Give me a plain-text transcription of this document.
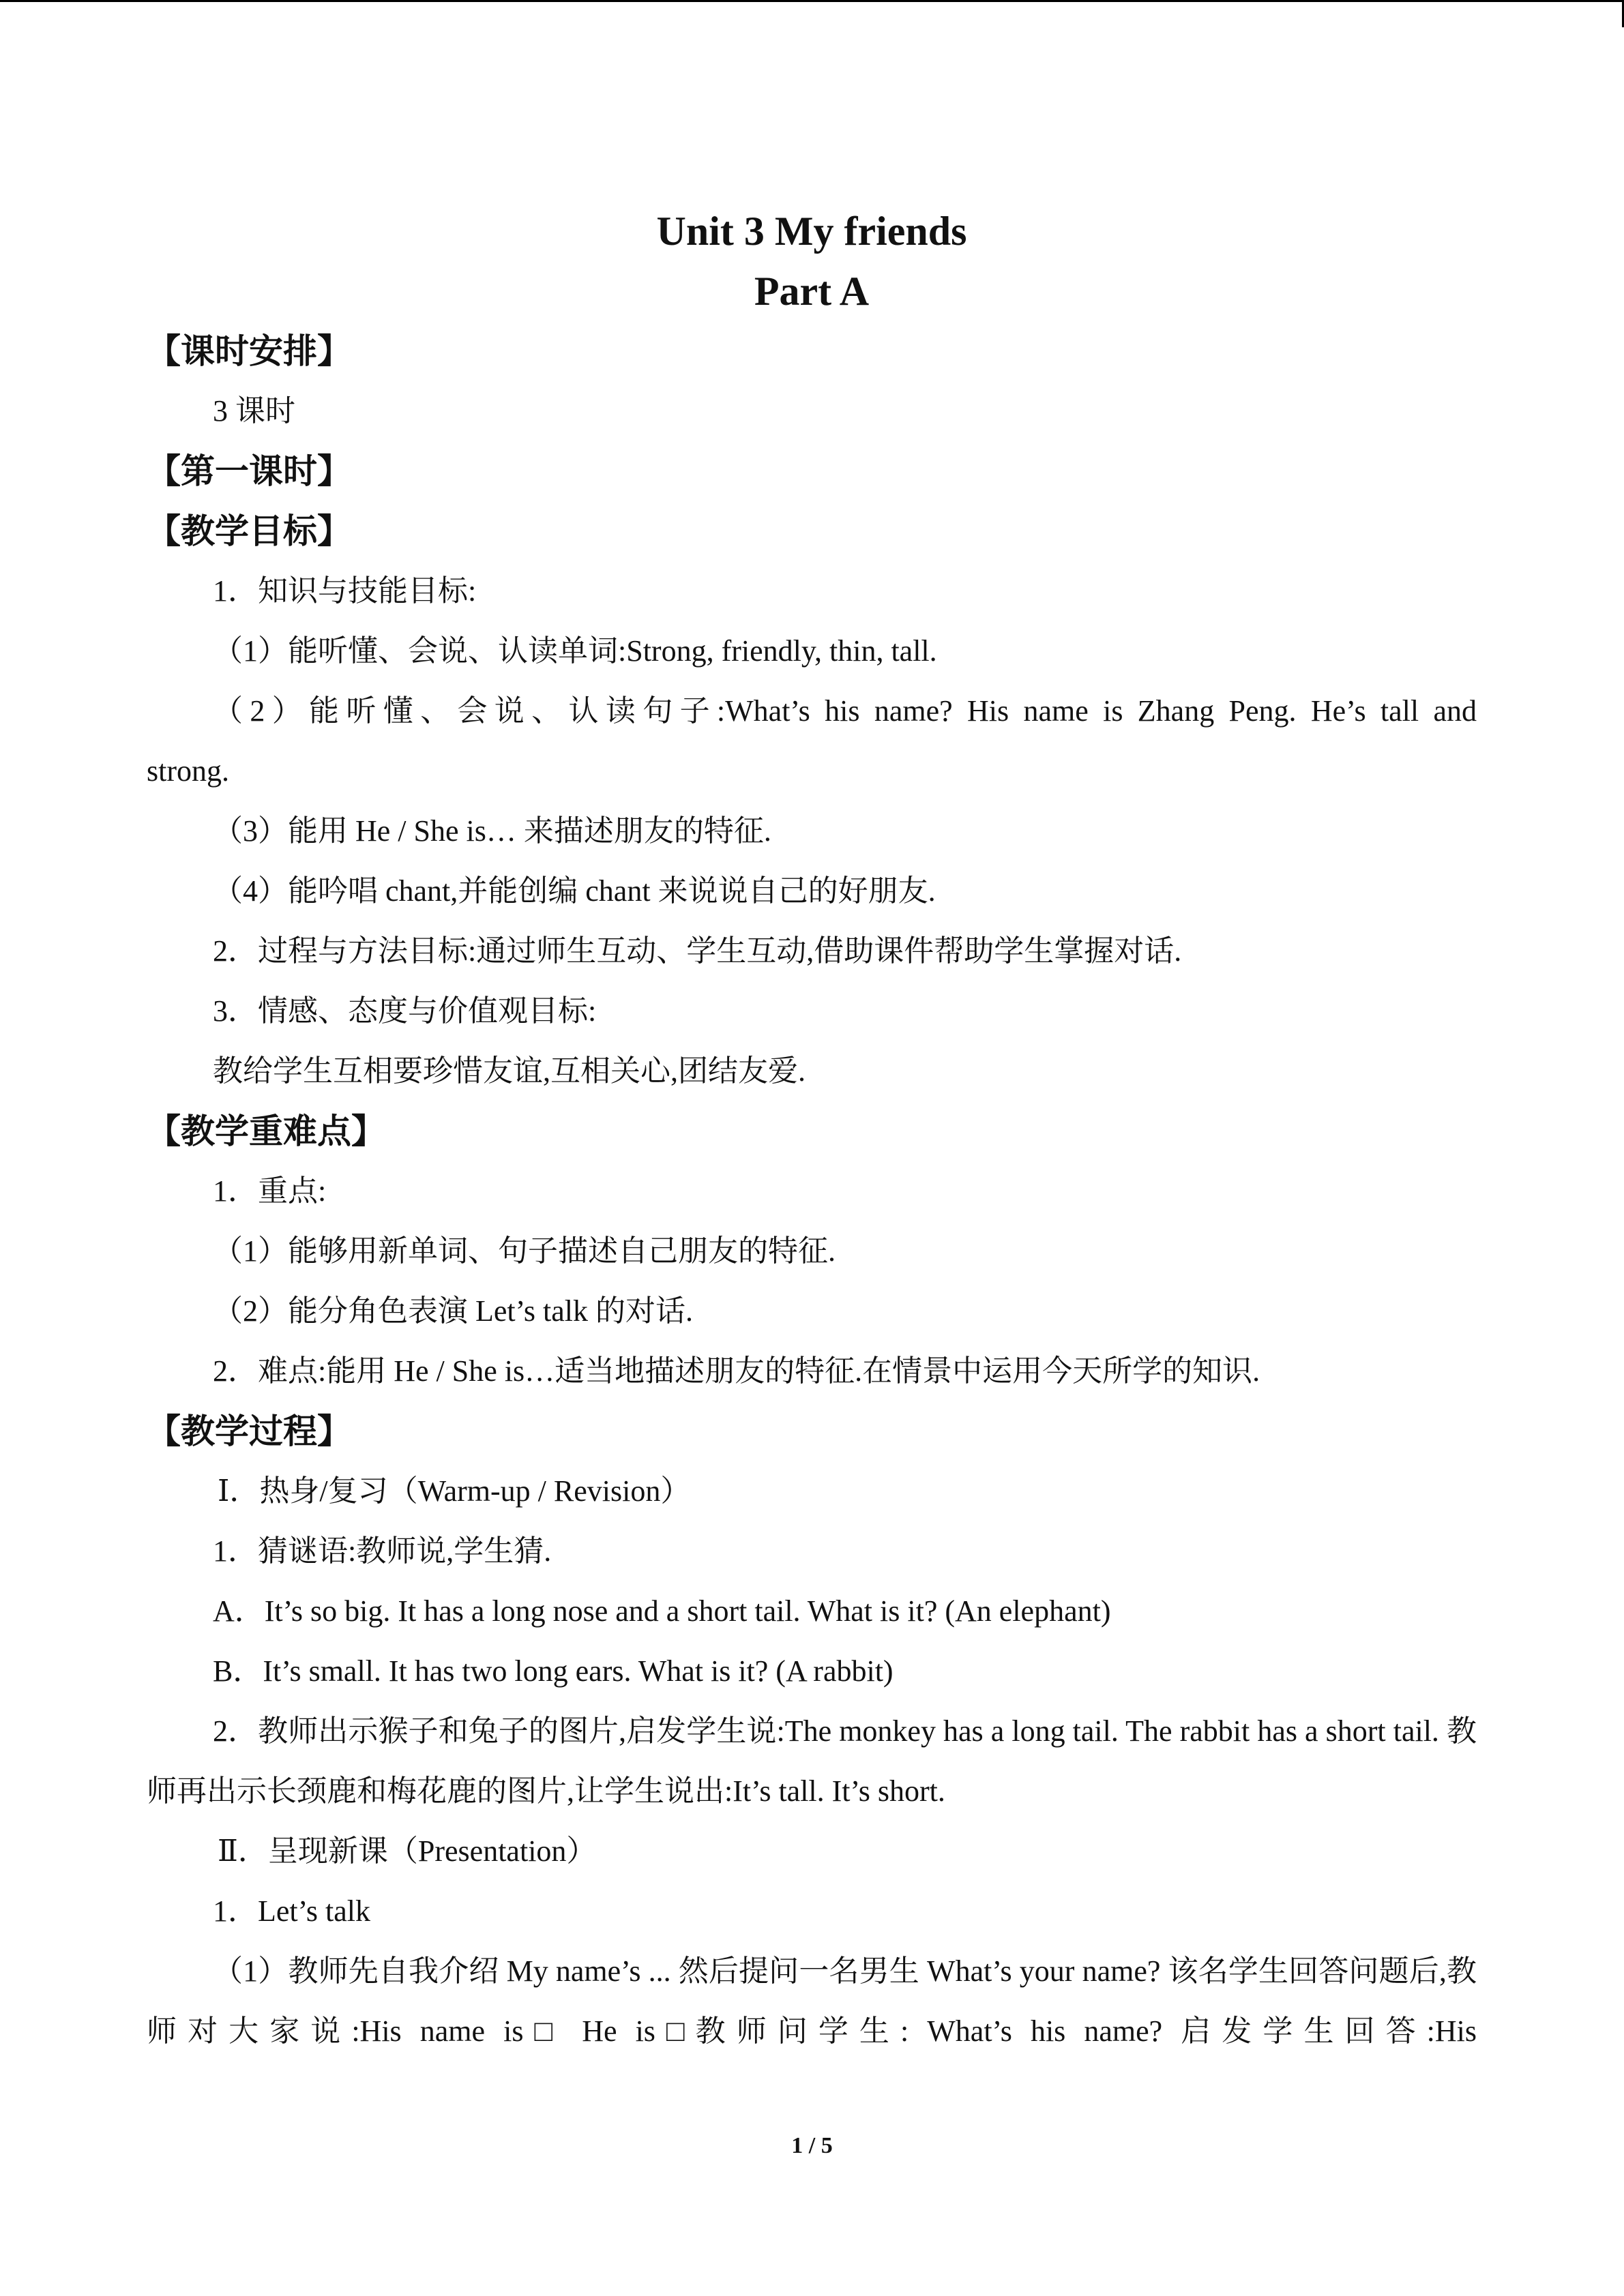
Unit 3 My friends

Part A

【课时安排】

3 课时

【第一课时】

【教学目标】

1．知识与技能目标:

（1）能听懂、会说、认读单词:Strong, friendly, thin, tall.

（2）能听懂、会说、认读句子:What’s his name? His name is Zhang Peng. He’s tall and

strong.

（3）能用 He / She is… 来描述朋友的特征.

（4）能吟唱 chant,并能创编 chant 来说说自己的好朋友.

2．过程与方法目标:通过师生互动、学生互动,借助课件帮助学生掌握对话.

3．情感、态度与价值观目标:

教给学生互相要珍惜友谊,互相关心,团结友爱.

【教学重难点】

1．重点:

（1）能够用新单词、句子描述自己朋友的特征.

（2）能分角色表演 Let’s talk 的对话.

2．难点:能用 He / She is…适当地描述朋友的特征.在情景中运用今天所学的知识.

【教学过程】

Ⅰ．热身/复习（Warm-up / Revision）

1．猜谜语:教师说,学生猜.

A．It’s so big. It has a long nose and a short tail. What is it? (An elephant)

B．It’s small. It has two long ears. What is it? (A rabbit)

2．教师出示猴子和兔子的图片,启发学生说:The monkey has a long tail. The rabbit has a short tail. 教师再出示长颈鹿和梅花鹿的图片,让学生说出:It’s tall. It’s short.

Ⅱ．呈现新课（Presentation）

1．Let’s talk

（1）教师先自我介绍 My name’s ... 然后提问一名男生 What’s your name? 该名学生回答问题后,教师对大家说:His name is□ He is□教师问学生: What’s his name? 启发学生回答:His

1 / 5
